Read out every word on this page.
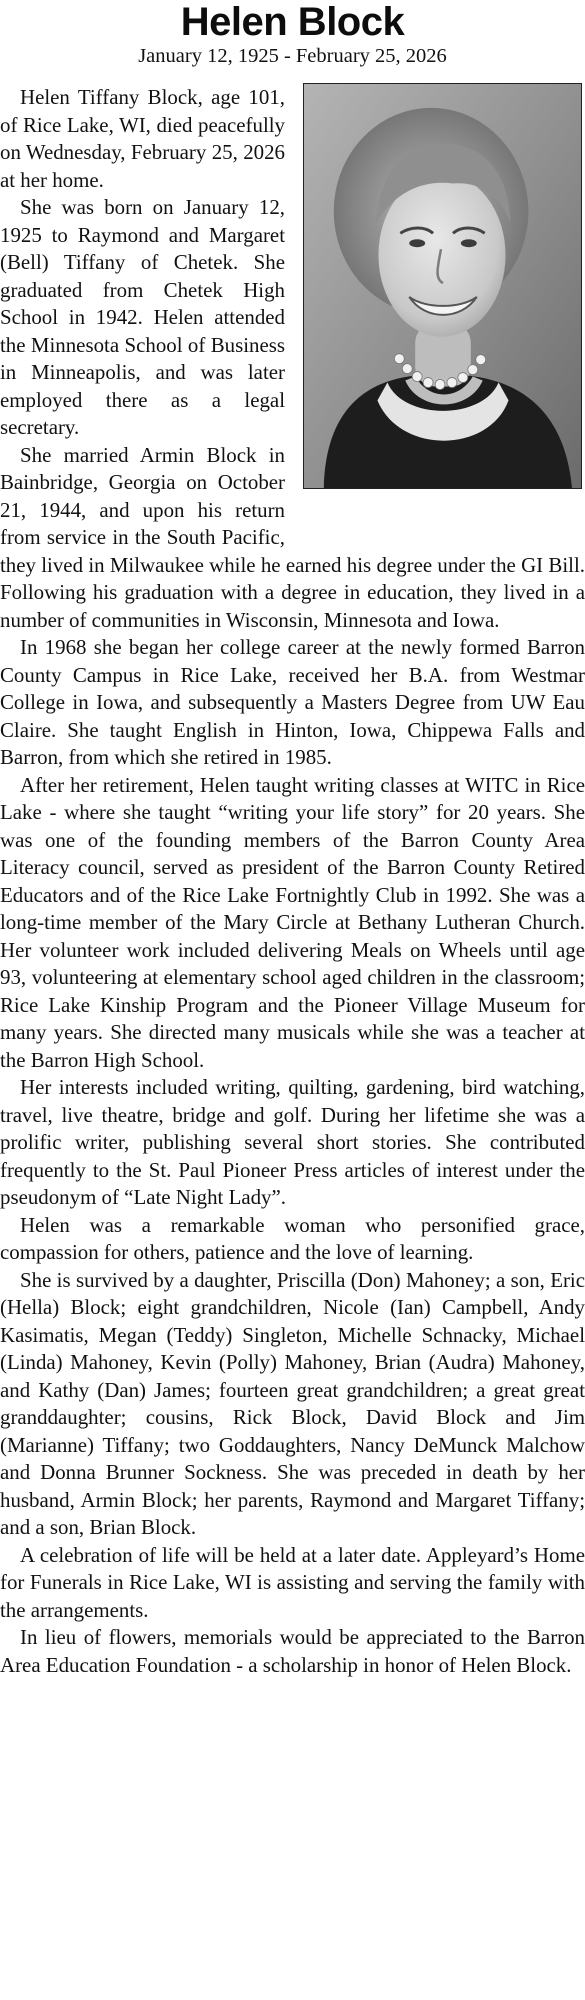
Helen Block
January 12, 1925 - February 25, 2026

Helen Tiffany Block, age 101, of Rice Lake, WI, died peacefully on Wednesday, February 25, 2026 at her home.

She was born on January 12, 1925 to Raymond and Margaret (Bell) Tiffany of Chetek. She graduated from Chetek High School in 1942. Helen attended the Minnesota School of Business in Minneapolis, and was later employed there as a legal secretary.

She married Armin Block in Bainbridge, Georgia on October 21, 1944, and upon his return from service in the South Pacific, they lived in Milwaukee while he earned his degree under the GI Bill. Following his graduation with a degree in education, they lived in a number of communities in Wisconsin, Minnesota and Iowa.

In 1968 she began her college career at the newly formed Barron County Campus in Rice Lake, received her B.A. from Westmar College in Iowa, and subsequently a Masters Degree from UW Eau Claire. She taught English in Hinton, Iowa, Chippewa Falls and Barron, from which she retired in 1985.

After her retirement, Helen taught writing classes at WITC in Rice Lake - where she taught “writing your life story” for 20 years. She was one of the founding members of the Barron County Area Literacy council, served as president of the Barron County Retired Educators and of the Rice Lake Fortnightly Club in 1992. She was a long-time member of the Mary Circle at Bethany Lutheran Church. Her volunteer work included delivering Meals on Wheels until age 93, volunteering at elementary school aged children in the classroom; Rice Lake Kinship Program and the Pioneer Village Museum for many years. She directed many musicals while she was a teacher at the Barron High School.

Her interests included writing, quilting, gardening, bird watching, travel, live theatre, bridge and golf. During her lifetime she was a prolific writer, publishing several short stories. She contributed frequently to the St. Paul Pioneer Press articles of interest under the pseudonym of “Late Night Lady”.

Helen was a remarkable woman who personified grace, compassion for others, patience and the love of learning.

She is survived by a daughter, Priscilla (Don) Mahoney; a son, Eric (Hella) Block; eight grandchildren, Nicole (Ian) Campbell, Andy Kasimatis, Megan (Teddy) Singleton, Michelle Schnacky, Michael (Linda) Mahoney, Kevin (Polly) Mahoney, Brian (Audra) Mahoney, and Kathy (Dan) James; fourteen great grandchildren; a great great granddaughter; cousins, Rick Block, David Block and Jim (Marianne) Tiffany; two Goddaughters, Nancy DeMunck Malchow and Donna Brunner Sockness. She was preceded in death by her husband, Armin Block; her parents, Raymond and Margaret Tiffany; and a son, Brian Block.

A celebration of life will be held at a later date. Appleyard’s Home for Funerals in Rice Lake, WI is assisting and serving the family with the arrangements.

In lieu of flowers, memorials would be appreciated to the Barron Area Education Foundation - a scholarship in honor of Helen Block.
